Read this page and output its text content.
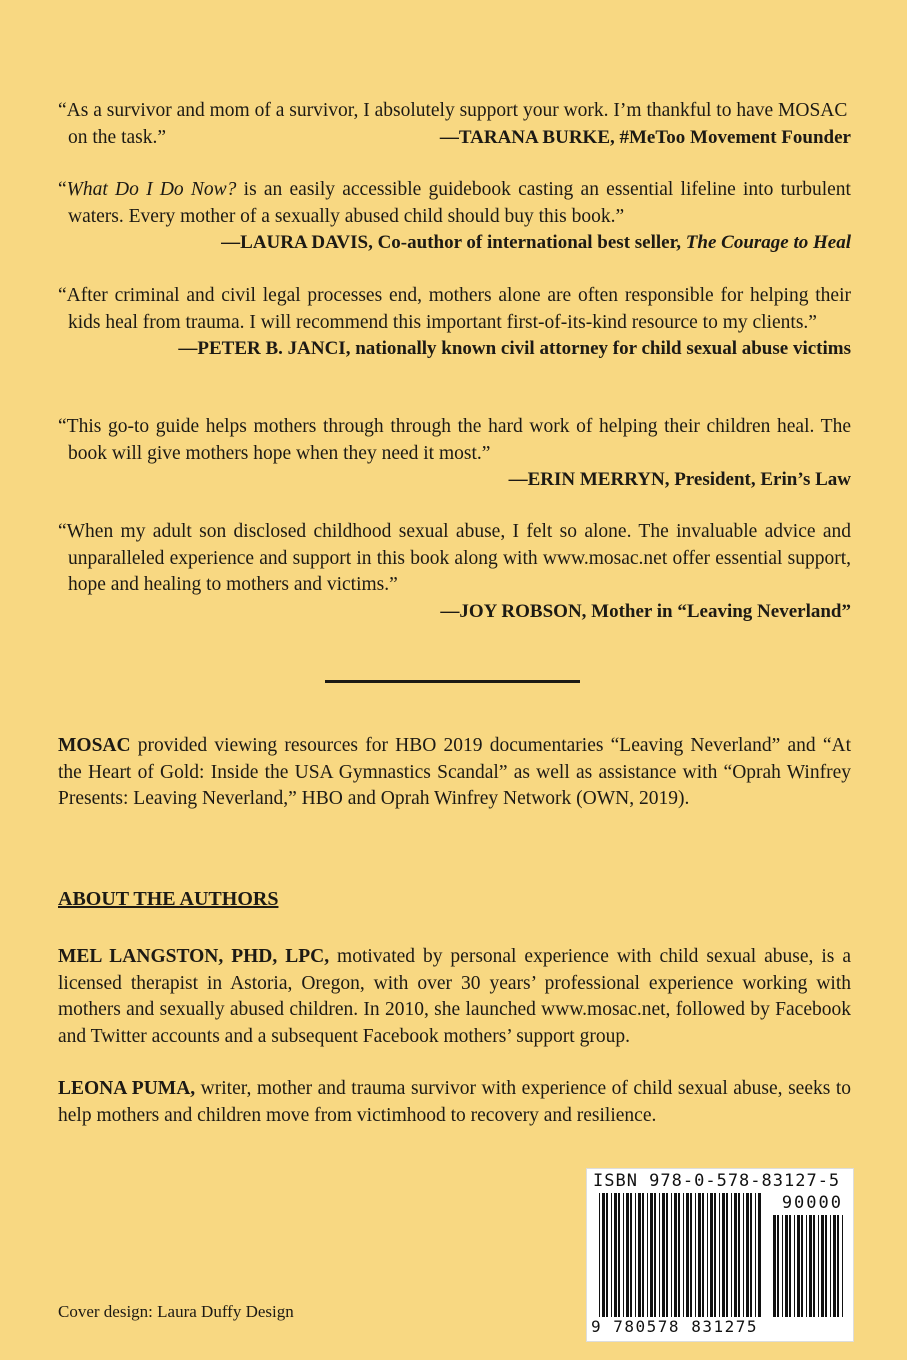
“As a survivor and mom of a survivor, I absolutely support your work. I’m thankful to have MOSAC on the task.”	—TARANA BURKE, #MeToo Movement Founder
“What Do I Do Now? is an easily accessible guidebook casting an essential lifeline into turbulent waters. Every mother of a sexually abused child should buy this book.”
—LAURA DAVIS, Co-author of international best seller, The Courage to Heal
“After criminal and civil legal processes end, mothers alone are often responsible for helping their kids heal from trauma. I will recommend this important first-of-its-kind resource to my clients.”
—PETER B. JANCI, nationally known civil attorney for child sexual abuse victims
“This go-to guide helps mothers through through the hard work of helping their children heal. The book will give mothers hope when they need it most.”
—ERIN MERRYN, President, Erin’s Law
“When my adult son disclosed childhood sexual abuse, I felt so alone. The invaluable advice and unparalleled experience and support in this book along with www.mosac.net offer essential support, hope and healing to mothers and victims.”
—JOY ROBSON, Mother in “Leaving Neverland”
MOSAC provided viewing resources for HBO 2019 documentaries “Leaving Neverland” and “At the Heart of Gold: Inside the USA Gymnastics Scandal” as well as assistance with “Oprah Winfrey Presents: Leaving Neverland,” HBO and Oprah Winfrey Network (OWN, 2019).
ABOUT THE AUTHORS
MEL LANGSTON, PHD, LPC, motivated by personal experience with child sexual abuse, is a licensed therapist in Astoria, Oregon, with over 30 years’ professional experience working with mothers and sexually abused children. In 2010, she launched www.mosac.net, followed by Facebook and Twitter accounts and a subsequent Facebook mothers’ support group.
LEONA PUMA, writer, mother and trauma survivor with experience of child sexual abuse, seeks to help mothers and children move from victimhood to recovery and resilience.
Cover design: Laura Duffy Design
ISBN 978-0-578-83127-5
90000
9 780578 831275
